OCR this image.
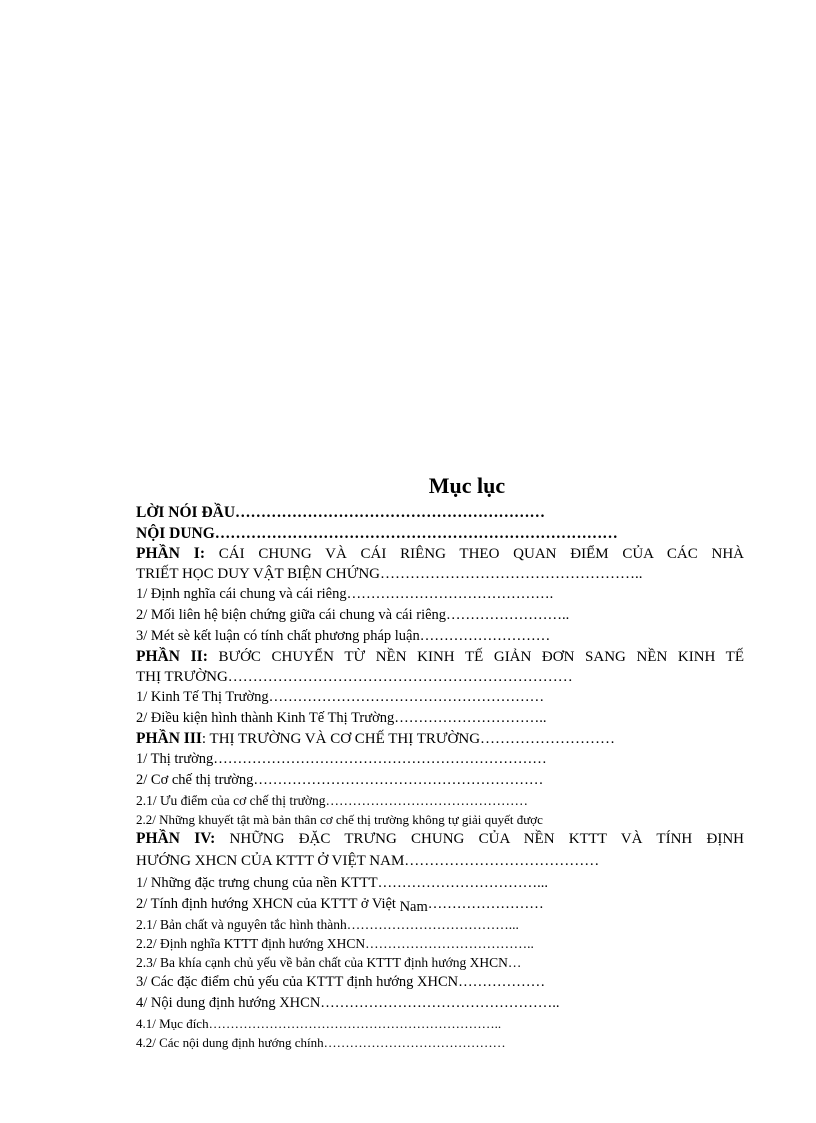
Mục lục
LỜI NÓI ĐẦU……………………………………………………
NỘI DUNG……………………………………………………………………
PHẦN I: CÁI CHUNG VÀ CÁI RIÊNG THEO QUAN ĐIỂM CỦA CÁC NHÀ
TRIẾT HỌC DUY VẬT BIỆN CHỨNG……………………………………………..
1/ Định nghĩa cái chung và cái riêng…………………………………….
2/ Mối liên hệ biện chứng giữa cái chung và cái riêng……………………..
3/ Mét sè kết luận có tính chất phương pháp luận………………………
PHẦN II: BƯỚC CHUYỂN TỪ NỀN KINH TẾ GIẢN ĐƠN SANG NỀN KINH TẾ
THỊ TRƯỜNG……………………………………………………………
1/ Kinh Tế Thị Trường…………………………………………………
2/ Điều kiện hình thành Kinh Tế Thị Trường…………………………..
PHẦN III: THỊ TRƯỜNG VÀ CƠ CHẾ THỊ TRƯỜNG………………………
1/ Thị trường……………………………………………………………
2/ Cơ chế thị trường……………………………………………………
2.1/ Ưu điểm của cơ chế thị trường………………………………………
2.2/ Những khuyết tật mà bản thân cơ chế thị trường không tự giải quyết được
PHẦN IV: NHỮNG ĐẶC TRƯNG CHUNG CỦA NỀN KTTT VÀ TÍNH ĐỊNH
HƯỚNG XHCN CỦA KTTT Ở VIỆT NAM…………………………………
1/ Những đặc trưng chung của nền KTTT……………………………...
2/ Tính định hướng XHCN của KTTT ở Việt Nam……………………
2.1/ Bản chất và nguyên tắc hình thành………………………………...
2.2/ Định nghĩa KTTT định hướng XHCN………………………………..
2.3/ Ba khía cạnh chủ yếu về bản chất của KTTT định hướng XHCN…
3/ Các đặc điểm chủ yếu của KTTT định hướng XHCN………………
4/ Nội dung định hướng XHCN…………………………………………..
4.1/ Mục đích…………………………………………………………..
4.2/ Các nội dung định hướng chính……………………………………
